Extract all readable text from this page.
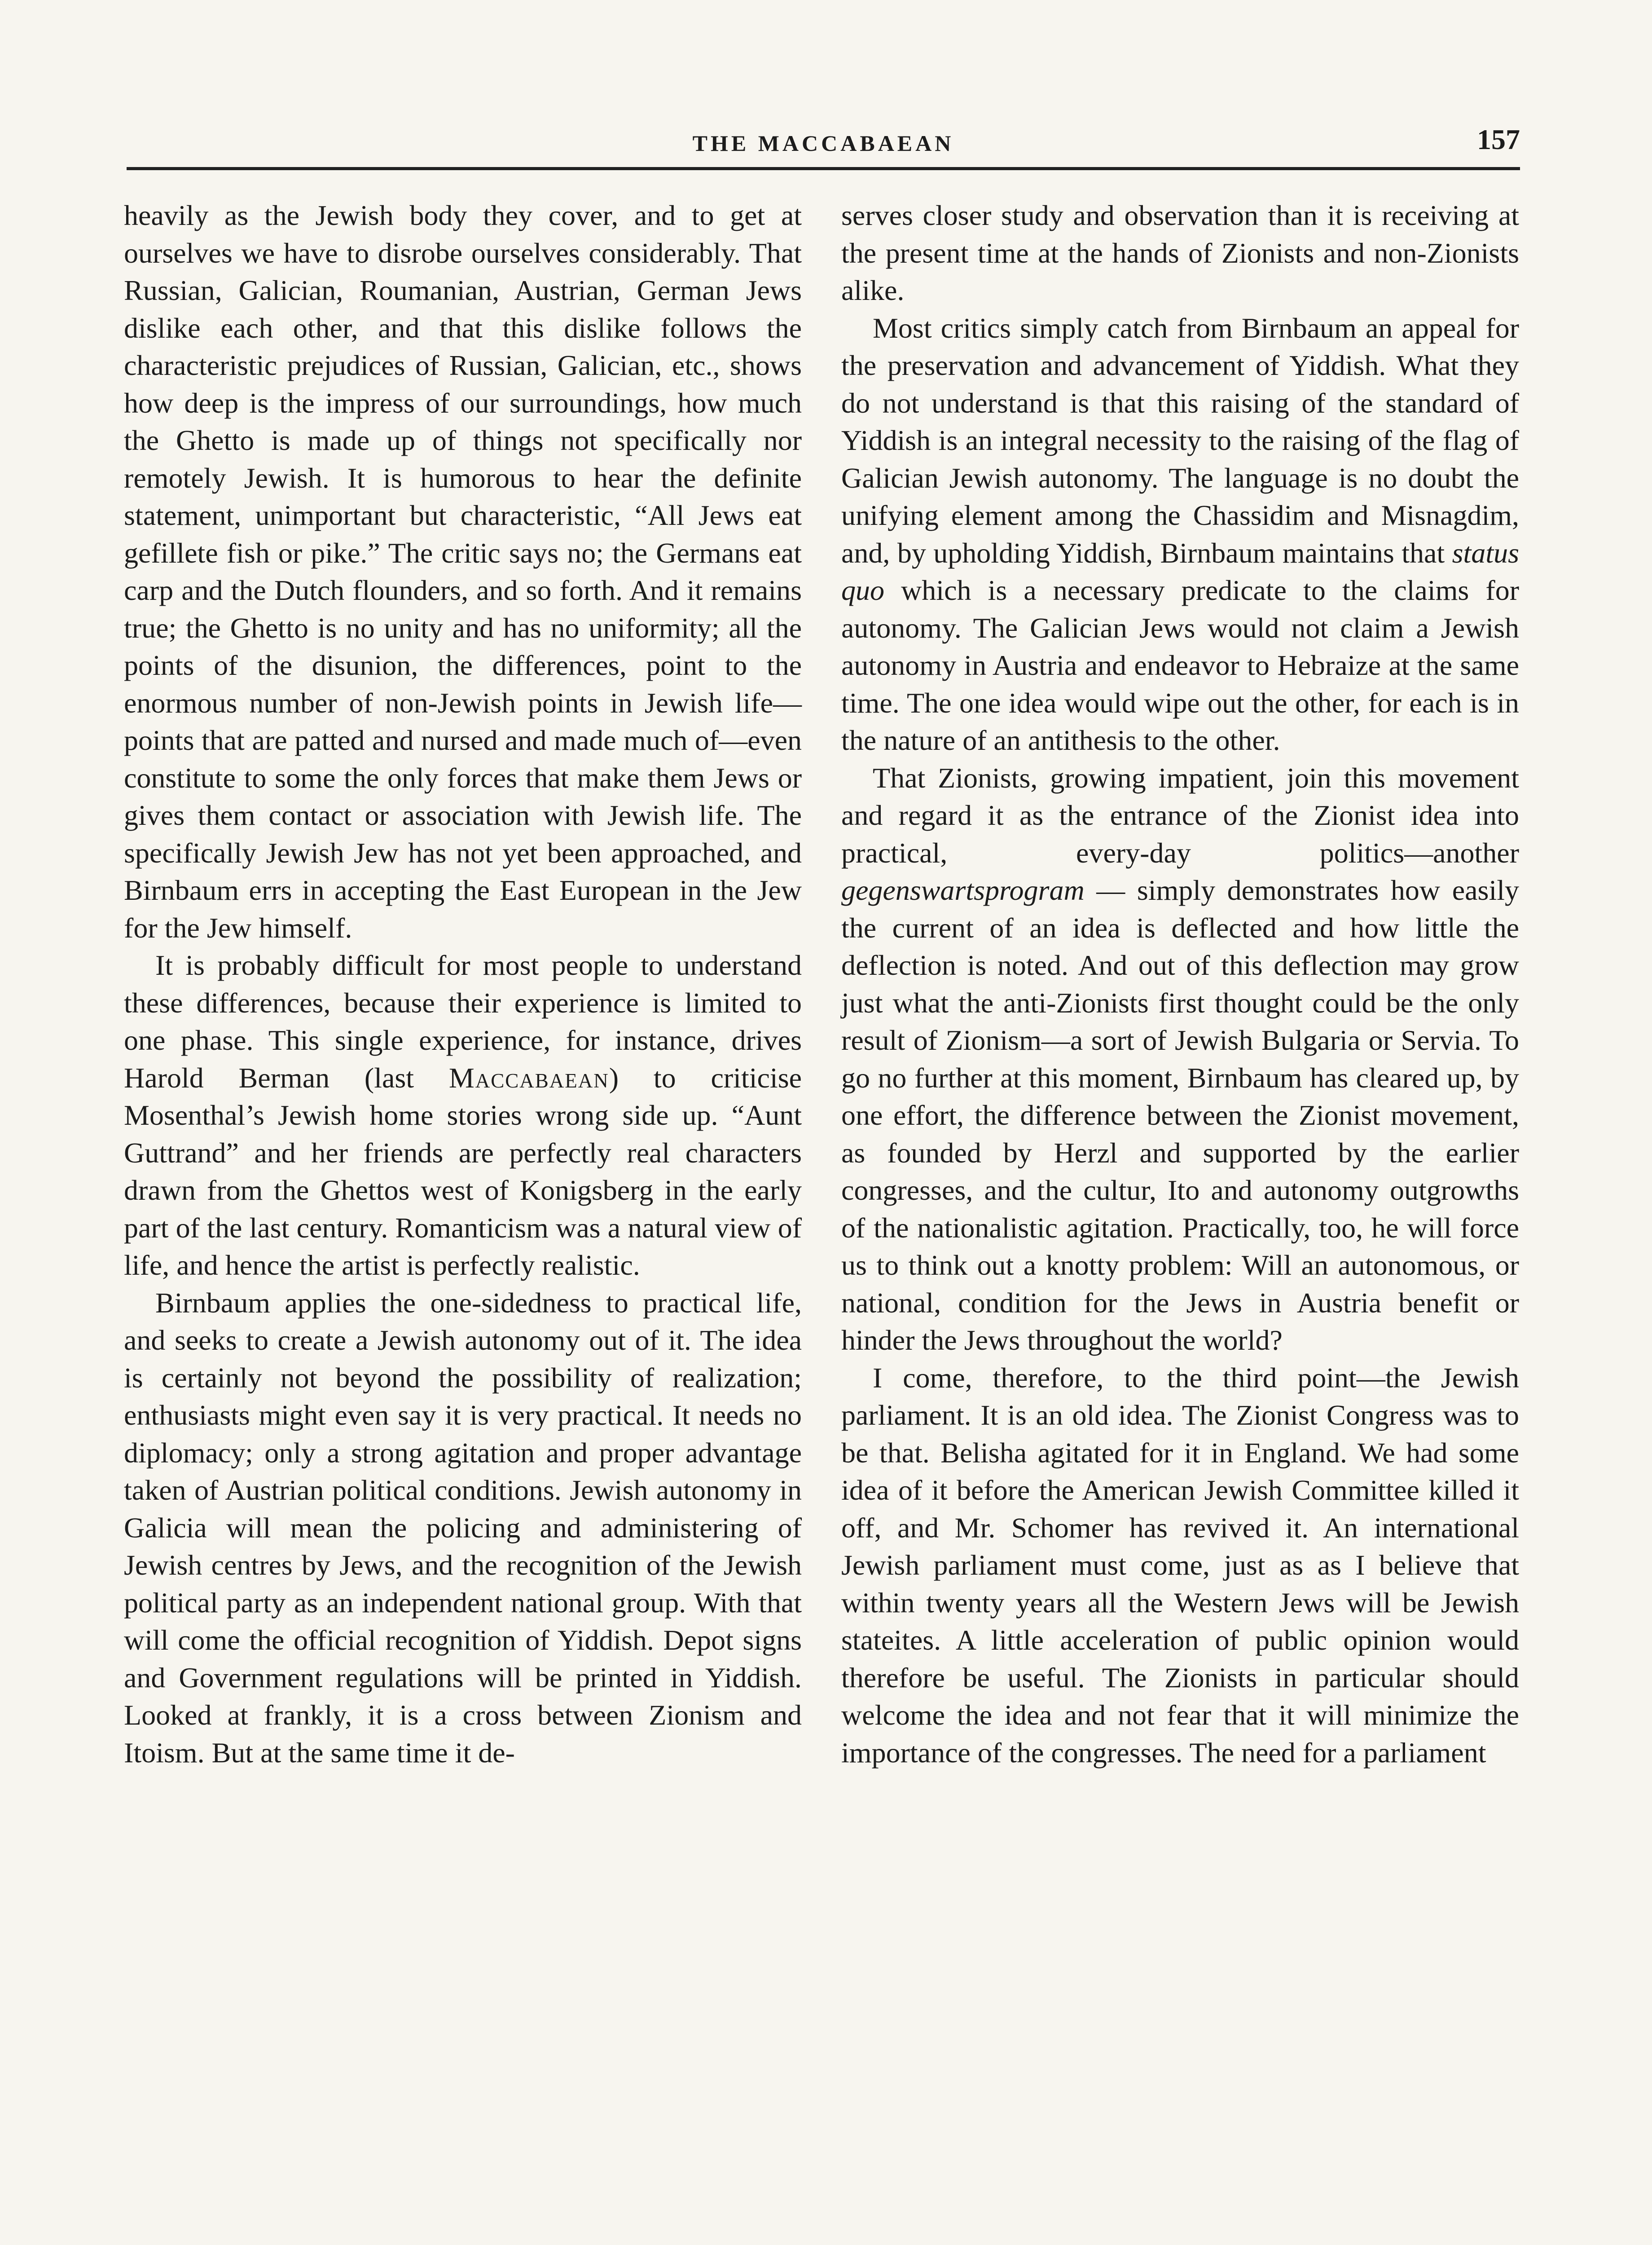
THE MACCABAEAN	157

heavily as the Jewish body they cover, and to get at ourselves we have to disrobe ourselves considerably. That Russian, Galician, Roumanian, Austrian, German Jews dislike each other, and that this dislike follows the characteristic prejudices of Russian, Galician, etc., shows how deep is the impress of our surroundings, how much the Ghetto is made up of things not specifically nor remotely Jewish. It is humorous to hear the definite statement, unimportant but characteristic, “All Jews eat gefillete fish or pike.” The critic says no; the Germans eat carp and the Dutch flounders, and so forth. And it remains true; the Ghetto is no unity and has no uniformity; all the points of the disunion, the differences, point to the enormous number of non-Jewish points in Jewish life—points that are patted and nursed and made much of—even constitute to some the only forces that make them Jews or gives them contact or association with Jewish life. The specifically Jewish Jew has not yet been approached, and Birnbaum errs in accepting the East European in the Jew for the Jew himself.

It is probably difficult for most people to understand these differences, because their experience is limited to one phase. This single experience, for instance, drives Harold Berman (last Maccabaean) to criticise Mosenthal’s Jewish home stories wrong side up. “Aunt Guttrand” and her friends are perfectly real characters drawn from the Ghettos west of Konigsberg in the early part of the last century. Romanticism was a natural view of life, and hence the artist is perfectly realistic.

Birnbaum applies the one-sidedness to practical life, and seeks to create a Jewish autonomy out of it. The idea is certainly not beyond the possibility of realization; enthusiasts might even say it is very practical. It needs no diplomacy; only a strong agitation and proper advantage taken of Austrian political conditions. Jewish autonomy in Galicia will mean the policing and administering of Jewish centres by Jews, and the recognition of the Jewish political party as an independent national group. With that will come the official recognition of Yiddish. Depot signs and Government regulations will be printed in Yiddish. Looked at frankly, it is a cross between Zionism and Itoism. But at the same time it de-

serves closer study and observation than it is receiving at the present time at the hands of Zionists and non-Zionists alike.

Most critics simply catch from Birnbaum an appeal for the preservation and advancement of Yiddish. What they do not understand is that this raising of the standard of Yiddish is an integral necessity to the raising of the flag of Galician Jewish autonomy. The language is no doubt the unifying element among the Chassidim and Misnagdim, and, by upholding Yiddish, Birnbaum maintains that status quo which is a necessary predicate to the claims for autonomy. The Galician Jews would not claim a Jewish autonomy in Austria and endeavor to Hebraize at the same time. The one idea would wipe out the other, for each is in the nature of an antithesis to the other.

That Zionists, growing impatient, join this movement and regard it as the entrance of the Zionist idea into practical, every-day politics—another gegenswartsprogram — simply demonstrates how easily the current of an idea is deflected and how little the deflection is noted. And out of this deflection may grow just what the anti-Zionists first thought could be the only result of Zionism—a sort of Jewish Bulgaria or Servia. To go no further at this moment, Birnbaum has cleared up, by one effort, the difference between the Zionist movement, as founded by Herzl and supported by the earlier congresses, and the cultur, Ito and autonomy outgrowths of the nationalistic agitation. Practically, too, he will force us to think out a knotty problem: Will an autonomous, or national, condition for the Jews in Austria benefit or hinder the Jews throughout the world?

I come, therefore, to the third point—the Jewish parliament. It is an old idea. The Zionist Congress was to be that. Belisha agitated for it in England. We had some idea of it before the American Jewish Committee killed it off, and Mr. Schomer has revived it. An international Jewish parliament must come, just as as I believe that within twenty years all the Western Jews will be Jewish stateites. A little acceleration of public opinion would therefore be useful. The Zionists in particular should welcome the idea and not fear that it will minimize the importance of the congresses. The need for a parliament
